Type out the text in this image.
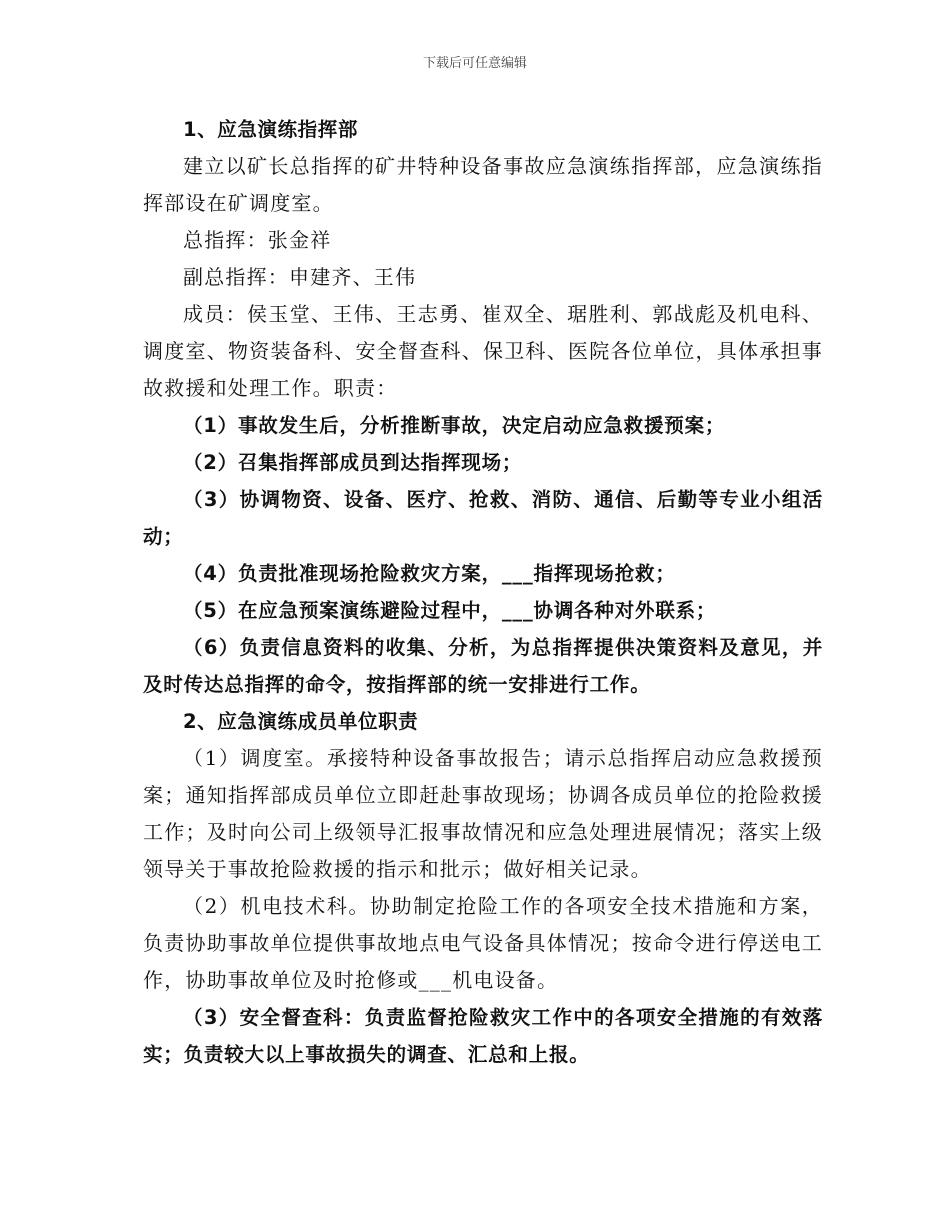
下载后可任意编辑

1、应急演练指挥部

建立以矿长总指挥的矿井特种设备事故应急演练指挥部，应急演练指挥部设在矿调度室。

总指挥：张金祥

副总指挥：申建齐、王伟

成员：侯玉堂、王伟、王志勇、崔双全、琚胜利、郭战彪及机电科、调度室、物资装备科、安全督查科、保卫科、医院各位单位，具体承担事故救援和处理工作。职责：

（1）事故发生后，分析推断事故，决定启动应急救援预案；

（2）召集指挥部成员到达指挥现场；

（3）协调物资、设备、医疗、抢救、消防、通信、后勤等专业小组活动；

（4）负责批准现场抢险救灾方案，___指挥现场抢救；

（5）在应急预案演练避险过程中，___协调各种对外联系；

（6）负责信息资料的收集、分析，为总指挥提供决策资料及意见，并及时传达总指挥的命令，按指挥部的统一安排进行工作。

2、应急演练成员单位职责

（1）调度室。承接特种设备事故报告；请示总指挥启动应急救援预案；通知指挥部成员单位立即赶赴事故现场；协调各成员单位的抢险救援工作；及时向公司上级领导汇报事故情况和应急处理进展情况；落实上级领导关于事故抢险救援的指示和批示；做好相关记录。

（2）机电技术科。协助制定抢险工作的各项安全技术措施和方案，负责协助事故单位提供事故地点电气设备具体情况；按命令进行停送电工作，协助事故单位及时抢修或___机电设备。

（3）安全督查科：负责监督抢险救灾工作中的各项安全措施的有效落实；负责较大以上事故损失的调查、汇总和上报。
